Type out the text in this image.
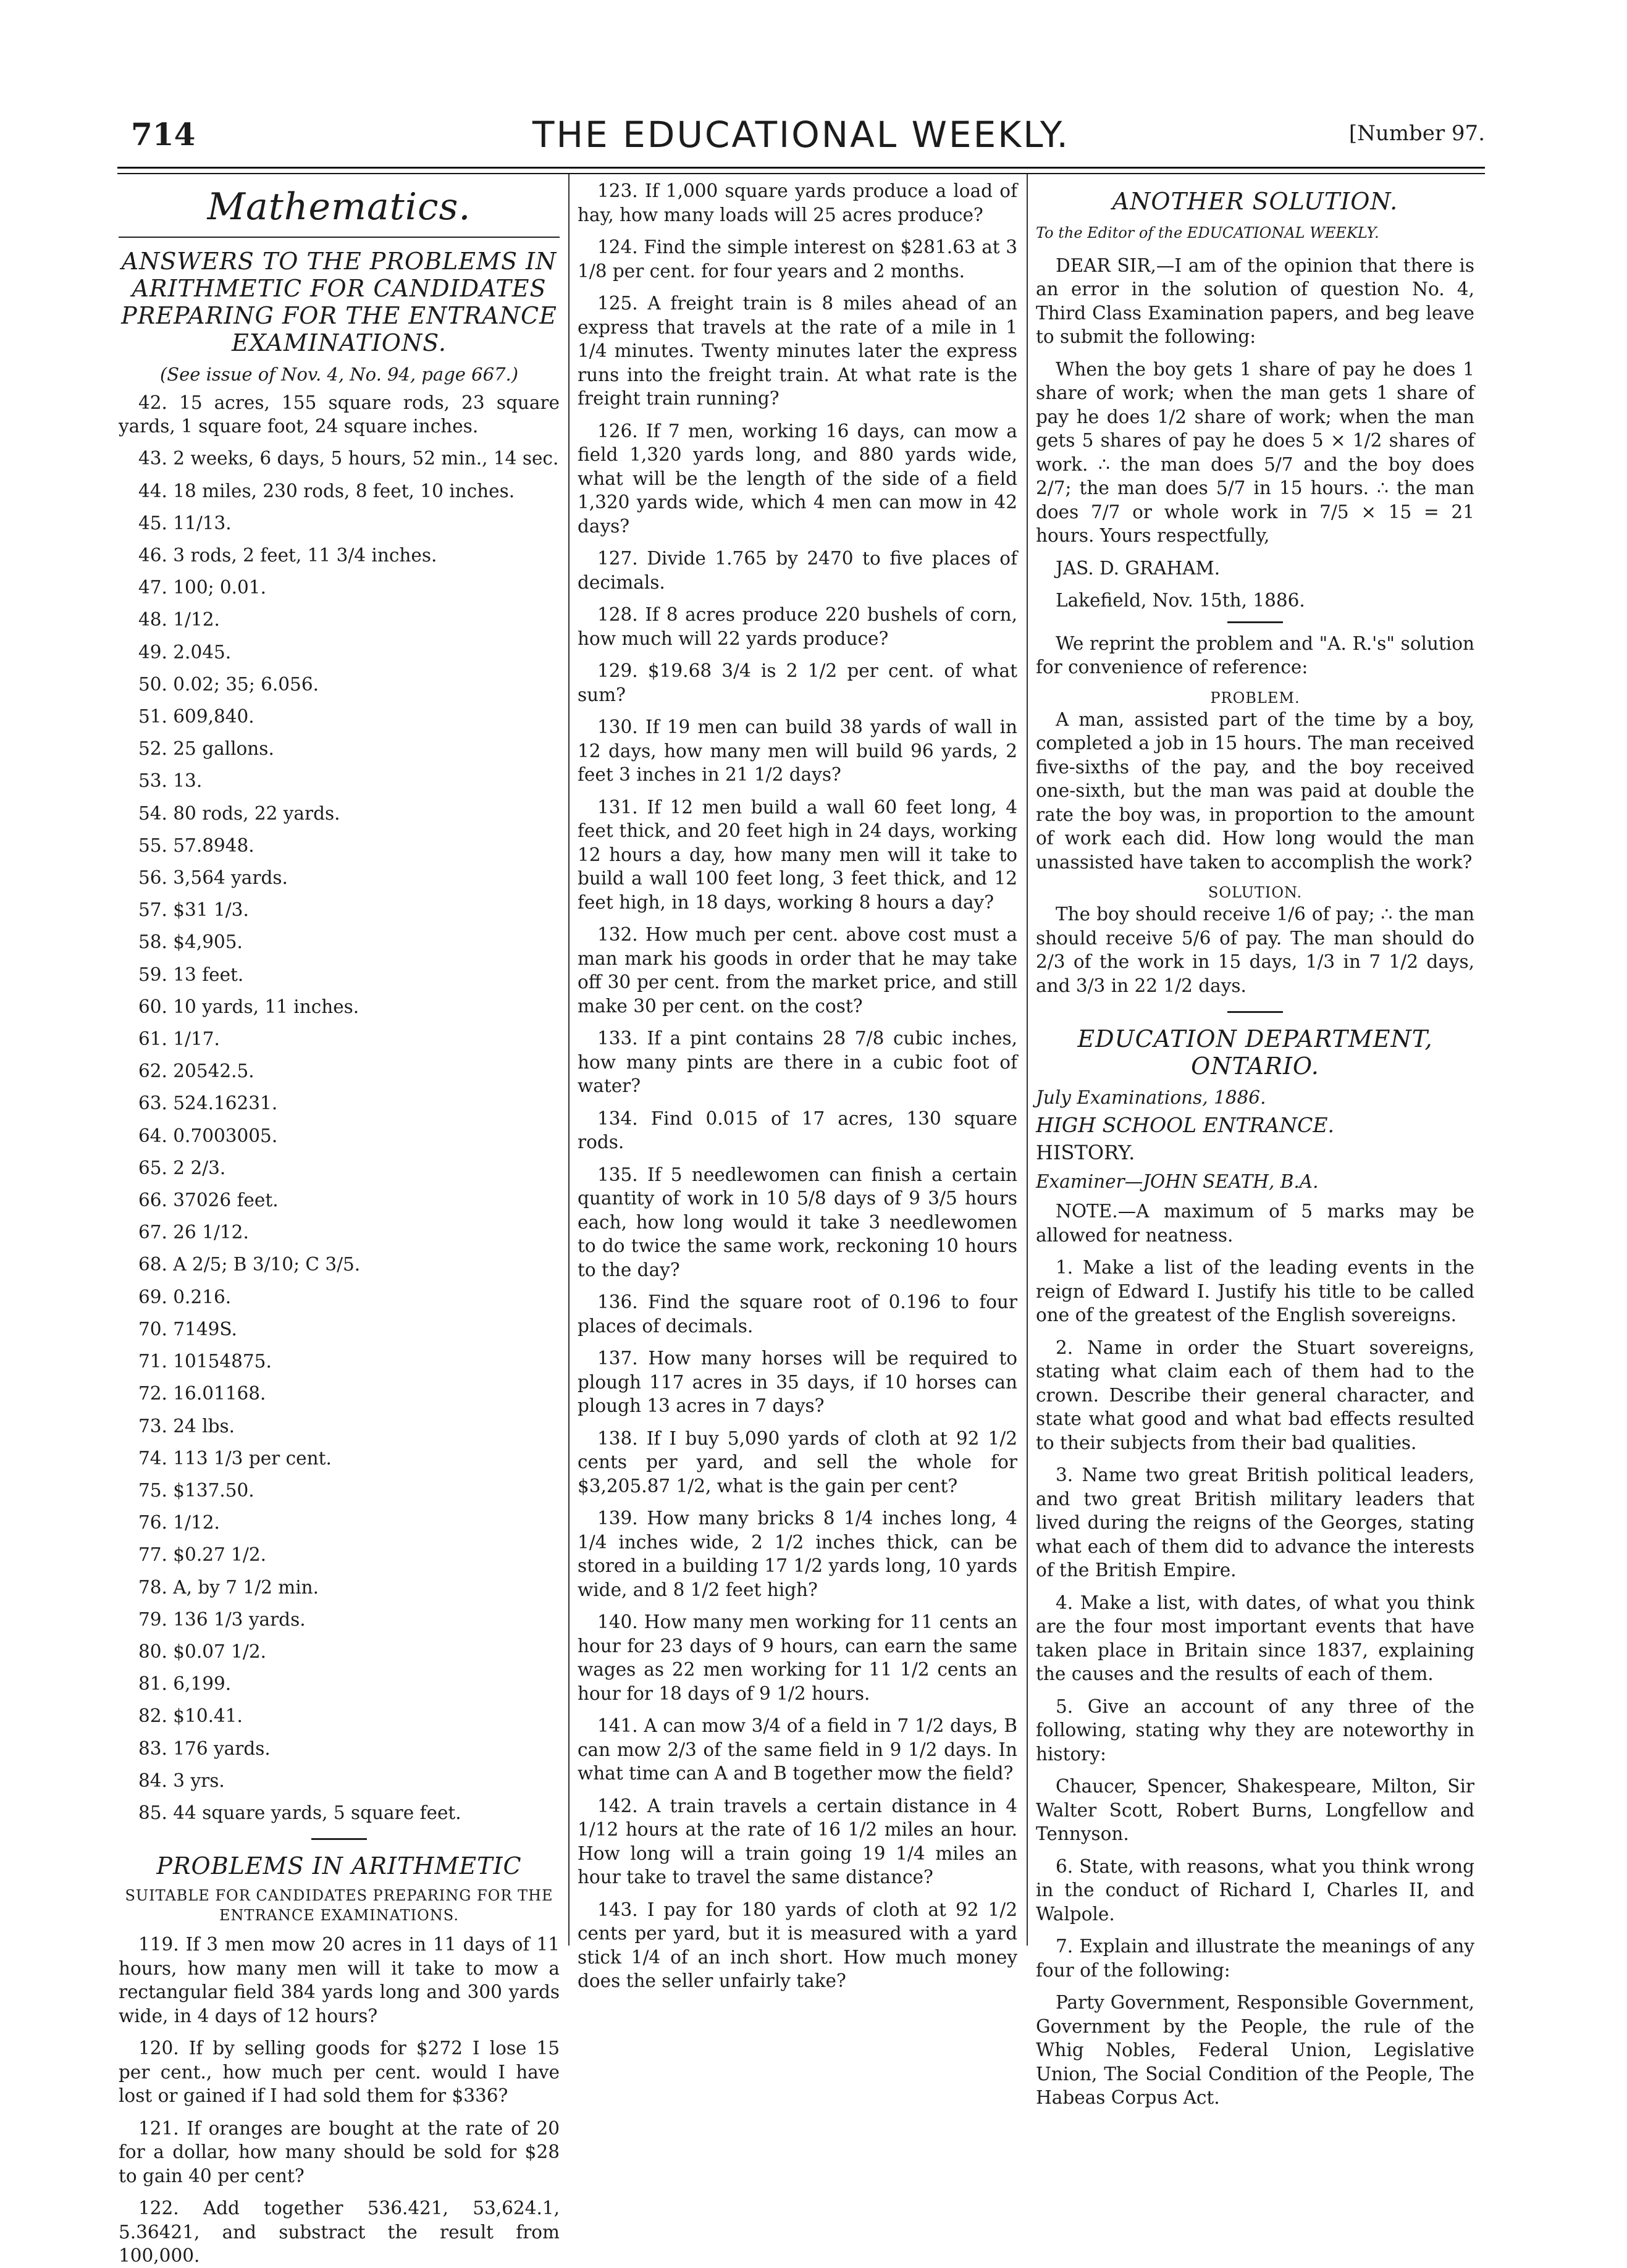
714	THE EDUCATIONAL WEEKLY.	[Number 97.
Mathematics.
ANSWERS TO THE PROBLEMS IN ARITHMETIC FOR CANDIDATES PREPARING FOR THE ENTRANCE EXAMINATIONS.
(See issue of Nov. 4, No. 94, page 667.)

42. 15 acres, 155 square rods, 23 square yards, 1 square foot, 24 square inches.

43. 2 weeks, 6 days, 5 hours, 52 min., 14 sec.

44. 18 miles, 230 rods, 8 feet, 10 inches.

45. 11/13.

46. 3 rods, 2 feet, 11 3/4 inches.

47. 100; 0.01.

48. 1/12.

49. 2.045.

50. 0.02; 35; 6.056.

51. 609,840.

52. 25 gallons.

53. 13.

54. 80 rods, 22 yards.

55. 57.8948.

56. 3,564 yards.

57. $31 1/3.

58. $4,905.

59. 13 feet.

60. 10 yards, 11 inches.

61. 1/17.

62. 20542.5.

63. 524.16231.

64. 0.7003005.

65. 2 2/3.

66. 37026 feet.

67. 26 1/12.

68. A 2/5; B 3/10; C 3/5.

69. 0.216.

70. 7149S.

71. 10154875.

72. 16.01168.

73. 24 lbs.

74. 113 1/3 per cent.

75. $137.50.

76. 1/12.

77. $0.27 1/2.

78. A, by 7 1/2 min.

79. 136 1/3 yards.

80. $0.07 1/2.

81. 6,199.

82. $10.41.

83. 176 yards.

84. 3 yrs.

85. 44 square yards, 5 square feet.

PROBLEMS IN ARITHMETIC
SUITABLE FOR CANDIDATES PREPARING FOR THE ENTRANCE EXAMINATIONS.

119. If 3 men mow 20 acres in 11 days of 11 hours, how many men will it take to mow a rectangular field 384 yards long and 300 yards wide, in 4 days of 12 hours?

120. If by selling goods for $272 I lose 15 per cent., how much per cent. would I have lost or gained if I had sold them for $336?

121. If oranges are bought at the rate of 20 for a dollar, how many should be sold for $28 to gain 40 per cent?

122. Add together 536.421, 53,624.1, 5.36421, and substract the result from 100,000.

123. If 1,000 square yards produce a load of hay, how many loads will 25 acres produce?

124. Find the simple interest on $281.63 at 3 1/8 per cent. for four years and 2 months.

125. A freight train is 8 miles ahead of an express that travels at the rate of a mile in 1 1/4 minutes. Twenty minutes later the express runs into the freight train. At what rate is the freight train running?

126. If 7 men, working 16 days, can mow a field 1,320 yards long, and 880 yards wide, what will be the length of the side of a field 1,320 yards wide, which 4 men can mow in 42 days?

127. Divide 1.765 by 2470 to five places of decimals.

128. If 8 acres produce 220 bushels of corn, how much will 22 yards produce?

129. $19.68 3/4 is 2 1/2 per cent. of what sum?

130. If 19 men can build 38 yards of wall in 12 days, how many men will build 96 yards, 2 feet 3 inches in 21 1/2 days?

131. If 12 men build a wall 60 feet long, 4 feet thick, and 20 feet high in 24 days, working 12 hours a day, how many men will it take to build a wall 100 feet long, 3 feet thick, and 12 feet high, in 18 days, working 8 hours a day?

132. How much per cent. above cost must a man mark his goods in order that he may take off 30 per cent. from the market price, and still make 30 per cent. on the cost?

133. If a pint contains 28 7/8 cubic inches, how many pints are there in a cubic foot of water?

134. Find 0.015 of 17 acres, 130 square rods.

135. If 5 needlewomen can finish a certain quantity of work in 10 5/8 days of 9 3/5 hours each, how long would it take 3 needlewomen to do twice the same work, reckoning 10 hours to the day?

136. Find the square root of 0.196 to four places of decimals.

137. How many horses will be required to plough 117 acres in 35 days, if 10 horses can plough 13 acres in 7 days?

138. If I buy 5,090 yards of cloth at 92 1/2 cents per yard, and sell the whole for $3,205.87 1/2, what is the gain per cent?

139. How many bricks 8 1/4 inches long, 4 1/4 inches wide, 2 1/2 inches thick, can be stored in a building 17 1/2 yards long, 10 yards wide, and 8 1/2 feet high?

140. How many men working for 11 cents an hour for 23 days of 9 hours, can earn the same wages as 22 men working for 11 1/2 cents an hour for 18 days of 9 1/2 hours.

141. A can mow 3/4 of a field in 7 1/2 days, B can mow 2/3 of the same field in 9 1/2 days. In what time can A and B together mow the field?

142. A train travels a certain distance in 4 1/12 hours at the rate of 16 1/2 miles an hour. How long will a train going 19 1/4 miles an hour take to travel the same distance?

143. I pay for 180 yards of cloth at 92 1/2 cents per yard, but it is measured with a yard stick 1/4 of an inch short. How much money does the seller unfairly take?

ANOTHER SOLUTION.

To the Editor of the EDUCATIONAL WEEKLY.

DEAR SIR,—I am of the opinion that there is an error in the solution of question No. 4, Third Class Examination papers, and beg leave to submit the following:

When the boy gets 1 share of pay he does 1 share of work; when the man gets 1 share of pay he does 1/2 share of work; when the man gets 5 shares of pay he does 5 × 1/2 shares of work. ∴ the man does 5/7 and the boy does 2/7; the man does 5/7 in 15 hours. ∴ the man does 7/7 or whole work in 7/5 × 15 = 21 hours. Yours respectfully,

JAS. D. GRAHAM.

Lakefield, Nov. 15th, 1886.

We reprint the problem and "A. R.'s" solution for convenience of reference:

PROBLEM.

A man, assisted part of the time by a boy, completed a job in 15 hours. The man received five-sixths of the pay, and the boy received one-sixth, but the man was paid at double the rate the boy was, in proportion to the amount of work each did. How long would the man unassisted have taken to accomplish the work?

SOLUTION.

The boy should receive 1/6 of pay; ∴ the man should receive 5/6 of pay. The man should do 2/3 of the work in 15 days, 1/3 in 7 1/2 days, and 3/3 in 22 1/2 days.

EDUCATION DEPARTMENT, ONTARIO.

July Examinations, 1886.

HIGH SCHOOL ENTRANCE.

HISTORY.

Examiner—JOHN SEATH, B.A.

NOTE.—A maximum of 5 marks may be allowed for neatness.

1. Make a list of the leading events in the reign of Edward I. Justify his title to be called one of the greatest of the English sovereigns.

2. Name in order the Stuart sovereigns, stating what claim each of them had to the crown. Describe their general character, and state what good and what bad effects resulted to their subjects from their bad qualities.

3. Name two great British political leaders, and two great British military leaders that lived during the reigns of the Georges, stating what each of them did to advance the interests of the British Empire.

4. Make a list, with dates, of what you think are the four most important events that have taken place in Britain since 1837, explaining the causes and the results of each of them.

5. Give an account of any three of the following, stating why they are noteworthy in history:

Chaucer, Spencer, Shakespeare, Milton, Sir Walter Scott, Robert Burns, Longfellow and Tennyson.

6. State, with reasons, what you think wrong in the conduct of Richard I, Charles II, and Walpole.

7. Explain and illustrate the meanings of any four of the following:

Party Government, Responsible Government, Government by the People, the rule of the Whig Nobles, Federal Union, Legislative Union, The Social Condition of the People, The Habeas Corpus Act.
